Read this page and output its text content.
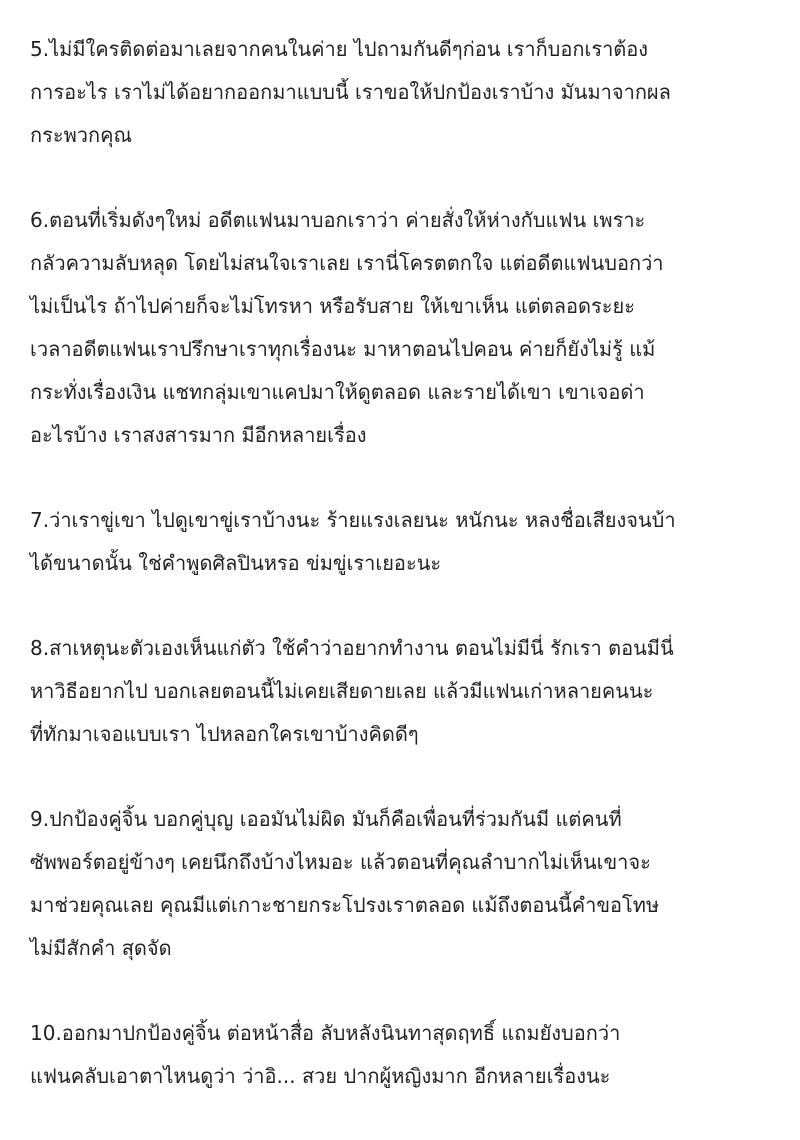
5.ไม่มีใครติดต่อมาเลยจากคนในค่าย ไปถามกันดีๆก่อน เราก็บอกเราต้อง
การอะไร เราไม่ได้อยากออกมาแบบนี้ เราขอให้ปกป้องเราบ้าง มันมาจากผล
กระพวกคุณ
6.ตอนที่เริ่มดังๆใหม่ อดีตแฟนมาบอกเราว่า ค่ายสั่งให้ห่างกับแฟน เพราะ
กลัวความลับหลุด โดยไม่สนใจเราเลย เรานี่โครตตกใจ แต่อดีตแฟนบอกว่า
ไม่เป็นไร ถ้าไปค่ายก็จะไม่โทรหา หรือรับสาย ให้เขาเห็น แต่ตลอดระยะ
เวลาอดีตแฟนเราปรึกษาเราทุกเรื่องนะ มาหาตอนไปคอน ค่ายก็ยังไม่รู้ แม้
กระทั่งเรื่องเงิน แชทกลุ่มเขาแคปมาให้ดูตลอด และรายได้เขา เขาเจอด่า
อะไรบ้าง เราสงสารมาก มีอีกหลายเรื่อง
7.ว่าเราขู่เขา ไปดูเขาขู่เราบ้างนะ ร้ายแรงเลยนะ หนักนะ หลงชื่อเสียงจนบ้า
ได้ขนาดนั้น ใช่คำพูดศิลปินหรอ ข่มขู่เราเยอะนะ
8.สาเหตุนะตัวเองเห็นแก่ตัว ใช้คำว่าอยากทำงาน ตอนไม่มีนี่ รักเรา ตอนมีนี่
หาวิธีอยากไป บอกเลยตอนนี้ไม่เคยเสียดายเลย แล้วมีแฟนเก่าหลายคนนะ
ที่ทักมาเจอแบบเรา ไปหลอกใครเขาบ้างคิดดีๆ
9.ปกป้องคู่จิ้น บอกคู่บุญ เออมันไม่ผิด มันก็คือเพื่อนที่ร่วมกันมี แต่คนที่
ซัพพอร์ตอยู่ข้างๆ เคยนึกถึงบ้างไหมอะ แล้วตอนที่คุณลำบากไม่เห็นเขาจะ
มาช่วยคุณเลย คุณมีแต่เกาะชายกระโปรงเราตลอด แม้ถึงตอนนี้คำขอโทษ
ไม่มีสักคำ สุดจัด
10.ออกมาปกป้องคู่จิ้น ต่อหน้าสื่อ ลับหลังนินทาสุดฤทธิ์ แถมยังบอกว่า
แฟนคลับเอาตาไหนดูว่า ว่าอิ... สวย ปากผู้หญิงมาก อีกหลายเรื่องนะ
